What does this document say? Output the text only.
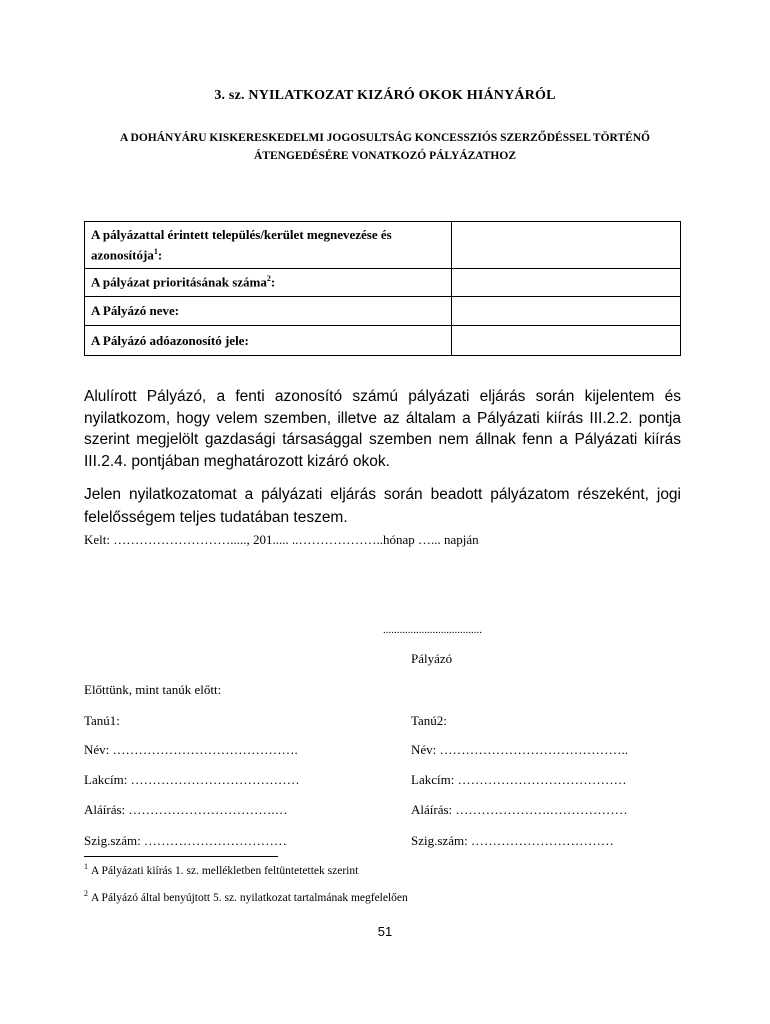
3. sz. NYILATKOZAT KIZÁRÓ OKOK HIÁNYÁRÓL
A DOHÁNYÁRU KISKERESKEDELMI JOGOSULTSÁG KONCESSZIÓS SZERZŐDÉSSEL TÖRTÉNŐ
ÁTENGEDÉSÉRE VONATKOZÓ PÁLYÁZATHOZ
A pályázattal érintett település/kerület megnevezése és
azonosítója$^1$:	
A pályázat prioritásának száma$^2$:	
A Pályázó neve:	
A Pályázó adóazonosító jele:	
Alulírott Pályázó, a fenti azonosító számú pályázati eljárás során kijelentem és nyilatkozom, hogy velem szemben, illetve az általam a Pályázati kiírás III.2.2. pontja szerint megjelölt gazdasági társasággal szemben nem állnak fenn a Pályázati kiírás III.2.4. pontjában meghatározott kizáró okok.
Jelen nyilatkozatomat a pályázati eljárás során beadott pályázatom részeként, jogi felelősségem teljes tudatában teszem.
Kelt: ………………………....., 201..... ..………………..hónap …... napján
....................................
Pályázó
Előttünk, mint tanúk előtt:
Tanú1:	Tanú2:
Név: …………………………………….	Név: ……………………………………..
Lakcím: …………………………………	Lakcím: …………………………………
Aláírás: …………………………….…	Aláírás: ………………….………………
Szig.szám: ……………………………	Szig.szám: ……………………………
$^1$ A Pályázati kiírás 1. sz. mellékletben feltüntetettek szerint
$^2$ A Pályázó által benyújtott 5. sz. nyilatkozat tartalmának megfelelően
51
